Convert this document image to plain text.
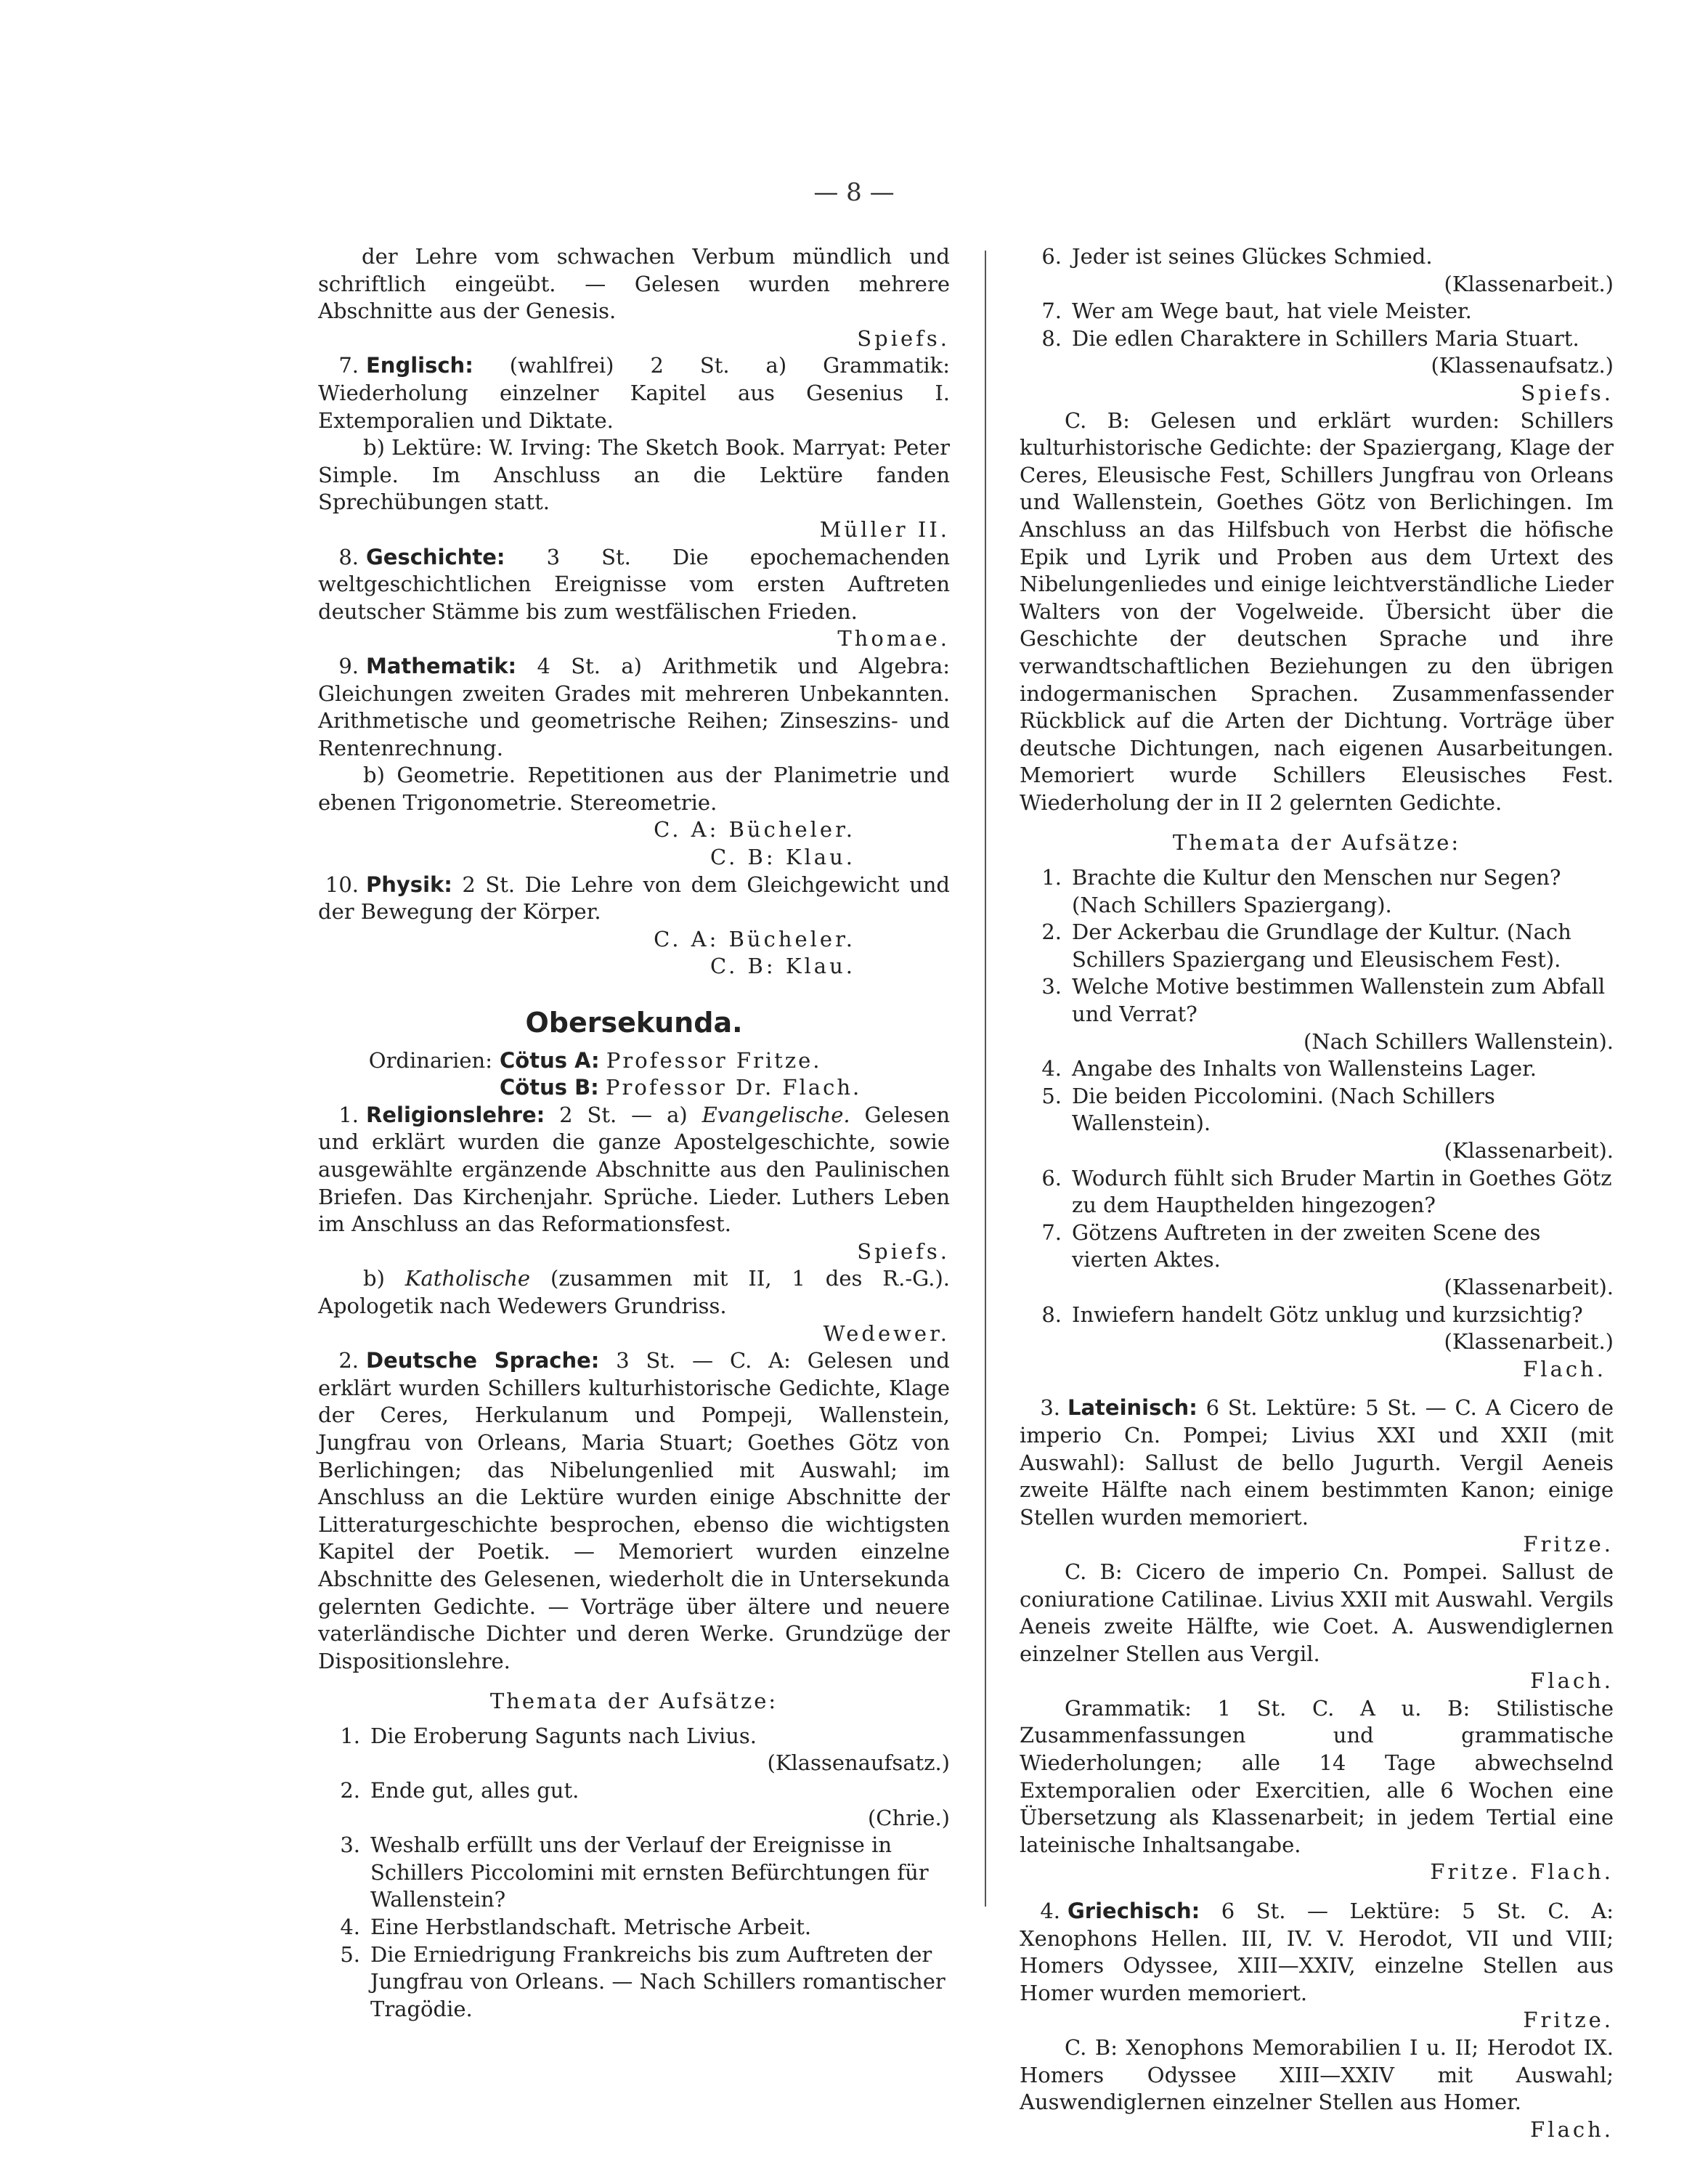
— 8 —

der Lehre vom schwachen Verbum mündlich und schriftlich eingeübt. — Gelesen wurden mehrere Abschnitte aus der Genesis.
Spiefs.

7. Englisch: (wahlfrei) 2 St. a) Grammatik: Wiederholung einzelner Kapitel aus Gesenius I. Extemporalien und Diktate.

b) Lektüre: W. Irving: The Sketch Book. Marryat: Peter Simple. Im Anschluss an die Lektüre fanden Sprechübungen statt.
Müller II.

8. Geschichte: 3 St. Die epochemachenden weltgeschichtlichen Ereignisse vom ersten Auftreten deutscher Stämme bis zum westfälischen Frieden.
Thomae.

9. Mathematik: 4 St. a) Arithmetik und Algebra: Gleichungen zweiten Grades mit mehreren Unbekannten. Arithmetische und geometrische Reihen; Zinseszins- und Rentenrechnung.

b) Geometrie. Repetitionen aus der Planimetrie und ebenen Trigonometrie. Stereometrie.
C. A: Bücheler.
C. B: Klau.

10. Physik: 2 St. Die Lehre von dem Gleichgewicht und der Bewegung der Körper.
C. A: Bücheler.
C. B: Klau.

Obersekunda.
Ordinarien: Cötus A: Professor Fritze.
Cötus B: Professor Dr. Flach.

1. Religionslehre: 2 St. — a) Evangelische. Gelesen und erklärt wurden die ganze Apostelgeschichte, sowie ausgewählte ergänzende Abschnitte aus den Paulinischen Briefen. Das Kirchenjahr. Sprüche. Lieder. Luthers Leben im Anschluss an das Reformationsfest.
Spiefs.

b) Katholische (zusammen mit II, 1 des R.-G.). Apologetik nach Wedewers Grundriss.
Wedewer.

2. Deutsche Sprache: 3 St. — C. A: Gelesen und erklärt wurden Schillers kulturhistorische Gedichte, Klage der Ceres, Herkulanum und Pompeji, Wallenstein, Jungfrau von Orleans, Maria Stuart; Goethes Götz von Berlichingen; das Nibelungenlied mit Auswahl; im Anschluss an die Lektüre wurden einige Abschnitte der Litteraturgeschichte besprochen, ebenso die wichtigsten Kapitel der Poetik. — Memoriert wurden einzelne Abschnitte des Gelesenen, wiederholt die in Untersekunda gelernten Gedichte. — Vorträge über ältere und neuere vaterländische Dichter und deren Werke. Grundzüge der Dispositionslehre.

Themata der Aufsätze:
1. Die Eroberung Sagunts nach Livius.
(Klassenaufsatz.)
2. Ende gut, alles gut.
(Chrie.)
3. Weshalb erfüllt uns der Verlauf der Ereignisse in Schillers Piccolomini mit ernsten Befürchtungen für Wallenstein?
4. Eine Herbstlandschaft. Metrische Arbeit.
5. Die Erniedrigung Frankreichs bis zum Auftreten der Jungfrau von Orleans. — Nach Schillers romantischer Tragödie.
6. Jeder ist seines Glückes Schmied.
(Klassenarbeit.)
7. Wer am Wege baut, hat viele Meister.
8. Die edlen Charaktere in Schillers Maria Stuart.
(Klassenaufsatz.)
Spiefs.

C. B: Gelesen und erklärt wurden: Schillers kulturhistorische Gedichte: der Spaziergang, Klage der Ceres, Eleusische Fest, Schillers Jungfrau von Orleans und Wallenstein, Goethes Götz von Berlichingen. Im Anschluss an das Hilfsbuch von Herbst die höfische Epik und Lyrik und Proben aus dem Urtext des Nibelungenliedes und einige leichtverständliche Lieder Walters von der Vogelweide. Übersicht über die Geschichte der deutschen Sprache und ihre verwandtschaftlichen Beziehungen zu den übrigen indogermanischen Sprachen. Zusammenfassender Rückblick auf die Arten der Dichtung. Vorträge über deutsche Dichtungen, nach eigenen Ausarbeitungen. Memoriert wurde Schillers Eleusisches Fest. Wiederholung der in II 2 gelernten Gedichte.

Themata der Aufsätze:
1. Brachte die Kultur den Menschen nur Segen? (Nach Schillers Spaziergang).
2. Der Ackerbau die Grundlage der Kultur. (Nach Schillers Spaziergang und Eleusischem Fest).
3. Welche Motive bestimmen Wallenstein zum Abfall und Verrat?
(Nach Schillers Wallenstein).
4. Angabe des Inhalts von Wallensteins Lager.
5. Die beiden Piccolomini. (Nach Schillers Wallenstein).
(Klassenarbeit).
6. Wodurch fühlt sich Bruder Martin in Goethes Götz zu dem Haupthelden hingezogen?
7. Götzens Auftreten in der zweiten Scene des vierten Aktes.
(Klassenarbeit).
8. Inwiefern handelt Götz unklug und kurzsichtig?
(Klassenarbeit.)
Flach.

3. Lateinisch: 6 St. Lektüre: 5 St. — C. A Cicero de imperio Cn. Pompei; Livius XXI und XXII (mit Auswahl): Sallust de bello Jugurth. Vergil Aeneis zweite Hälfte nach einem bestimmten Kanon; einige Stellen wurden memoriert.
Fritze.

C. B: Cicero de imperio Cn. Pompei. Sallust de coniuratione Catilinae. Livius XXII mit Auswahl. Vergils Aeneis zweite Hälfte, wie Coet. A. Auswendiglernen einzelner Stellen aus Vergil.
Flach.

Grammatik: 1 St. C. A u. B: Stilistische Zusammenfassungen und grammatische Wiederholungen; alle 14 Tage abwechselnd Extemporalien oder Exercitien, alle 6 Wochen eine Übersetzung als Klassenarbeit; in jedem Tertial eine lateinische Inhaltsangabe.
Fritze. Flach.

4. Griechisch: 6 St. — Lektüre: 5 St. C. A: Xenophons Hellen. III, IV. V. Herodot, VII und VIII; Homers Odyssee, XIII—XXIV, einzelne Stellen aus Homer wurden memoriert.
Fritze.

C. B: Xenophons Memorabilien I u. II; Herodot IX. Homers Odyssee XIII—XXIV mit Auswahl; Auswendiglernen einzelner Stellen aus Homer.
Flach.
